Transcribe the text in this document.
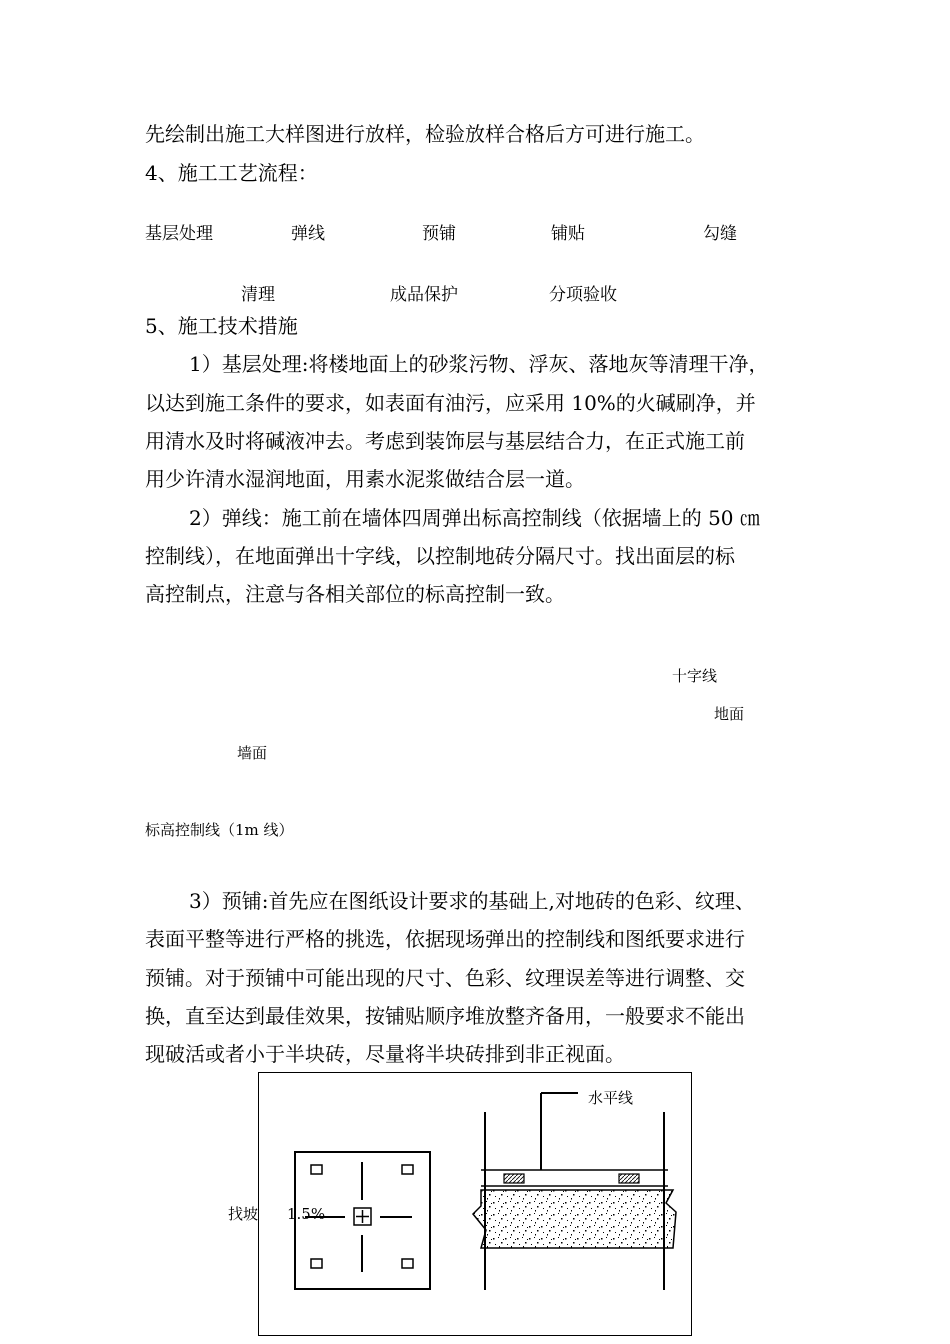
先绘制出施工大样图进行放样，检验放样合格后方可进行施工。
4、施工工艺流程：
基层处理	弹线	预铺	铺贴	勾缝
清理	成品保护	分项验收
5、施工技术措施
1）基层处理:将楼地面上的砂浆污物、浮灰、落地灰等清理干净，
以达到施工条件的要求，如表面有油污，应采用 10%的火碱刷净，并
用清水及时将碱液冲去。考虑到装饰层与基层结合力，在正式施工前
用少许清水湿润地面，用素水泥浆做结合层一道。
2）弹线：施工前在墙体四周弹出标高控制线（依据墙上的 50 ㎝
控制线），在地面弹出十字线，以控制地砖分隔尺寸。找出面层的标
高控制点，注意与各相关部位的标高控制一致。
十字线
地面
墙面
标高控制线（1m 线）
3）预铺:首先应在图纸设计要求的基础上,对地砖的色彩、纹理、
表面平整等进行严格的挑选，依据现场弹出的控制线和图纸要求进行
预铺。对于预铺中可能出现的尺寸、色彩、纹理误差等进行调整、交
换，直至达到最佳效果，按铺贴顺序堆放整齐备用，一般要求不能出
现破活或者小于半块砖，尽量将半块砖排到非正视面。
水平线
找坡 1.5%
